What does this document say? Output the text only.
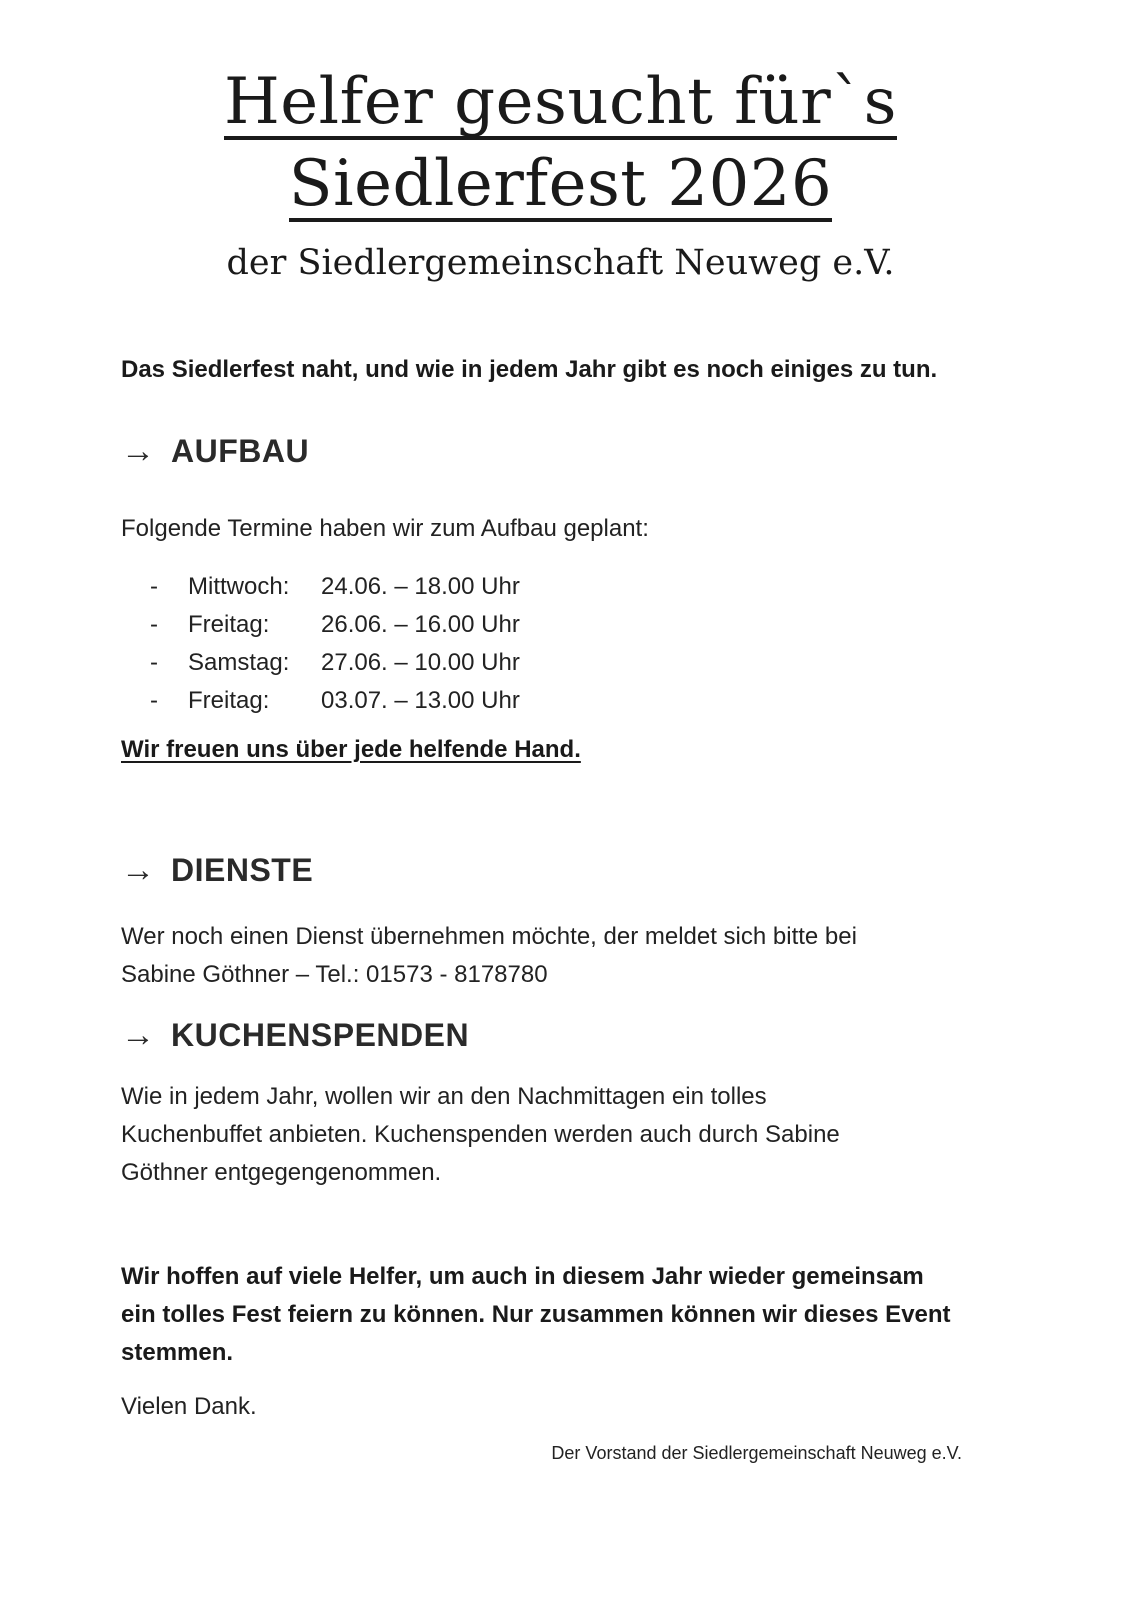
Helfer gesucht für`s
Siedlerfest 2026
der Siedlergemeinschaft Neuweg e.V.
Das Siedlerfest naht, und wie in jedem Jahr gibt es noch einiges zu tun.
→ AUFBAU
Folgende Termine haben wir zum Aufbau geplant:
-	Mittwoch:	24.06. – 18.00 Uhr
-	Freitag:	26.06. – 16.00 Uhr
-	Samstag:	27.06. – 10.00 Uhr
-	Freitag:	03.07. – 13.00 Uhr
Wir freuen uns über jede helfende Hand.
→ DIENSTE
Wer noch einen Dienst übernehmen möchte, der meldet sich bitte bei
Sabine Göthner – Tel.: 01573 - 8178780
→ KUCHENSPENDEN
Wie in jedem Jahr, wollen wir an den Nachmittagen ein tolles
Kuchenbuffet anbieten. Kuchenspenden werden auch durch Sabine
Göthner entgegengenommen.
Wir hoffen auf viele Helfer, um auch in diesem Jahr wieder gemeinsam
ein tolles Fest feiern zu können. Nur zusammen können wir dieses Event
stemmen.
Vielen Dank.
Der Vorstand der Siedlergemeinschaft Neuweg e.V.
